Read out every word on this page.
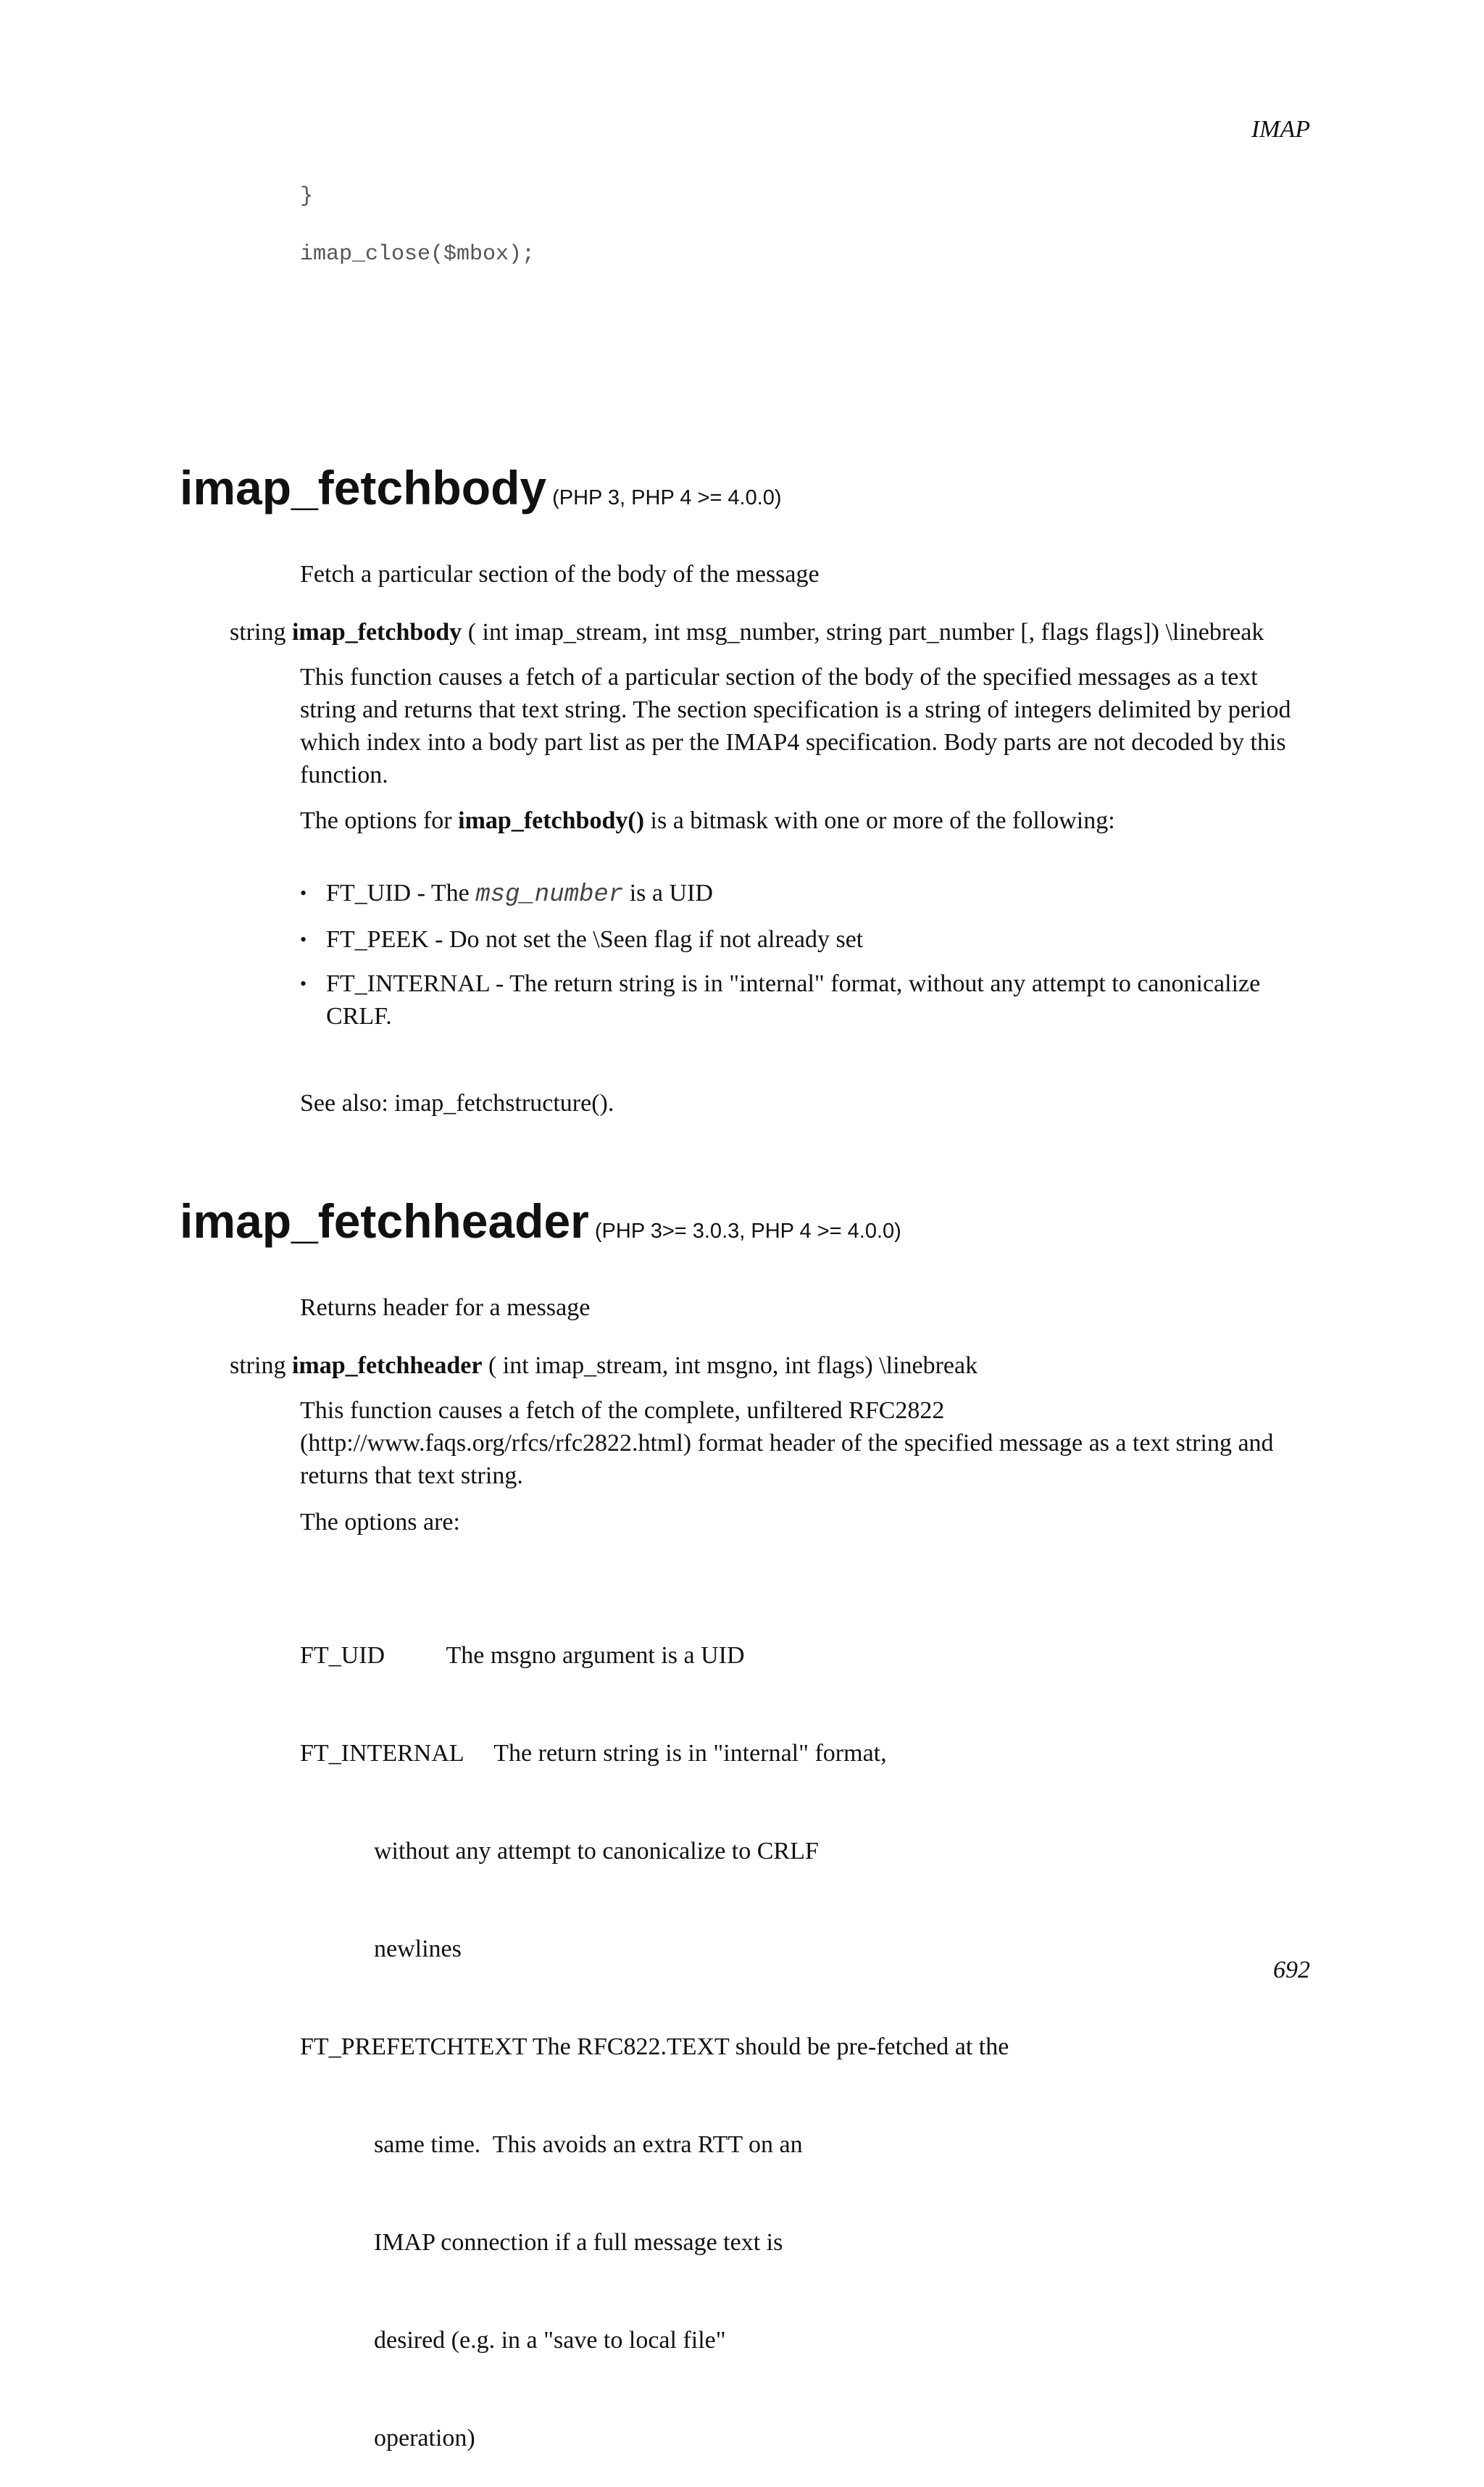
IMAP
}
imap_close($mbox);
imap_fetchbody (PHP 3, PHP 4 >= 4.0.0)
Fetch a particular section of the body of the message
string imap_fetchbody ( int imap_stream, int msg_number, string part_number [, flags flags]) \linebreak
This function causes a fetch of a particular section of the body of the specified messages as a text string and returns that text string. The section specification is a string of integers delimited by period which index into a body part list as per the IMAP4 specification. Body parts are not decoded by this function.
The options for imap_fetchbody() is a bitmask with one or more of the following:
• FT_UID - The msg_number is a UID
• FT_PEEK - Do not set the \Seen flag if not already set
• FT_INTERNAL - The return string is in "internal" format, without any attempt to canonicalize CRLF.
See also: imap_fetchstructure().
imap_fetchheader (PHP 3>= 3.0.3, PHP 4 >= 4.0.0)
Returns header for a message
string imap_fetchheader ( int imap_stream, int msgno, int flags) \linebreak
This function causes a fetch of the complete, unfiltered RFC2822 (http://www.faqs.org/rfcs/rfc2822.html) format header of the specified message as a text string and returns that text string.
The options are:

FT_UID          The msgno argument is a UID

FT_INTERNAL     The return string is in "internal" format,

without any attempt to canonicalize to CRLF

newlines

FT_PREFETCHTEXT The RFC822.TEXT should be pre-fetched at the

same time.  This avoids an extra RTT on an

IMAP connection if a full message text is

desired (e.g. in a "save to local file"

operation)

692
